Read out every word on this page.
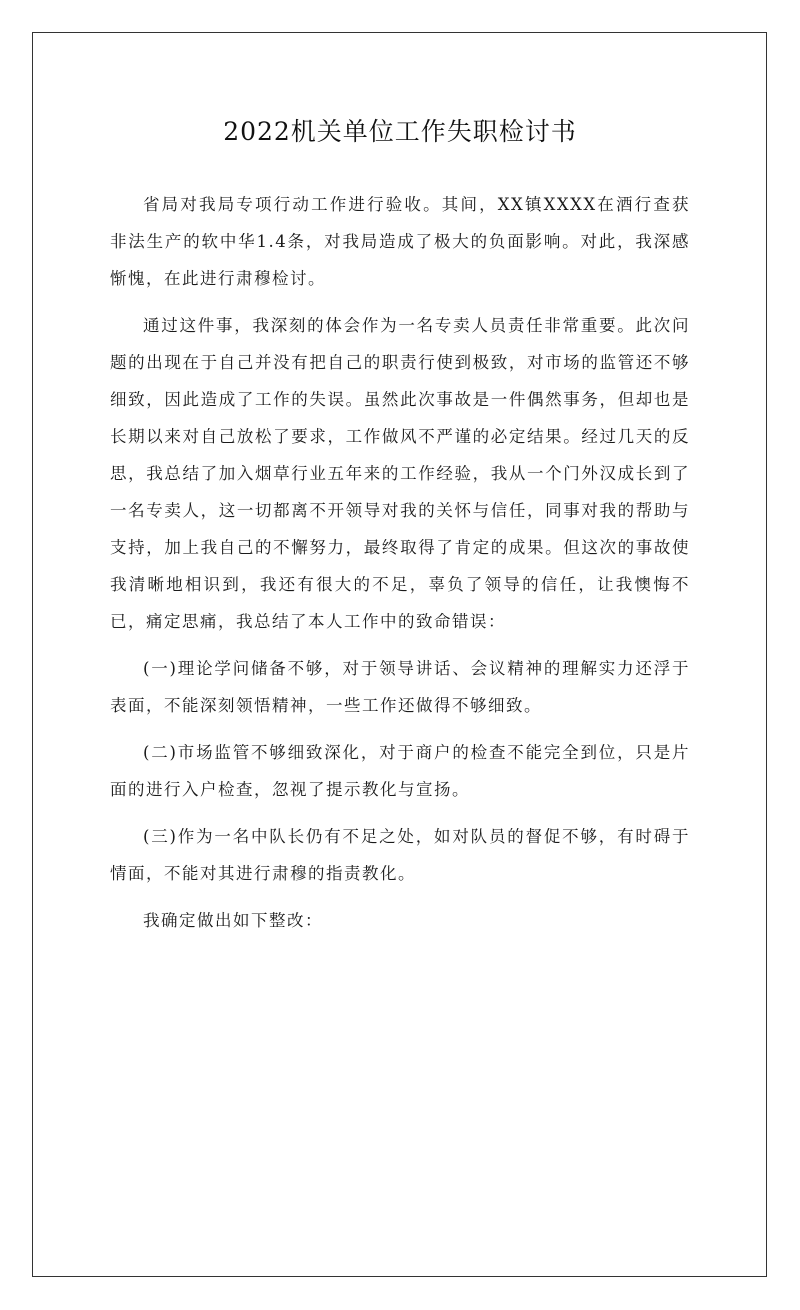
2022机关单位工作失职检讨书

省局对我局专项行动工作进行验收。其间，XX镇XXXX在酒行查获非法生产的软中华1.4条，对我局造成了极大的负面影响。对此，我深感惭愧，在此进行肃穆检讨。

通过这件事，我深刻的体会作为一名专卖人员责任非常重要。此次问题的出现在于自己并没有把自己的职责行使到极致，对市场的监管还不够细致，因此造成了工作的失误。虽然此次事故是一件偶然事务，但却也是长期以来对自己放松了要求，工作做风不严谨的必定结果。经过几天的反思，我总结了加入烟草行业五年来的工作经验，我从一个门外汉成长到了一名专卖人，这一切都离不开领导对我的关怀与信任，同事对我的帮助与支持，加上我自己的不懈努力，最终取得了肯定的成果。但这次的事故使我清晰地相识到，我还有很大的不足，辜负了领导的信任，让我懊悔不已，痛定思痛，我总结了本人工作中的致命错误：

(一)理论学问储备不够，对于领导讲话、会议精神的理解实力还浮于表面，不能深刻领悟精神，一些工作还做得不够细致。

(二)市场监管不够细致深化，对于商户的检查不能完全到位，只是片面的进行入户检查，忽视了提示教化与宣扬。

(三)作为一名中队长仍有不足之处，如对队员的督促不够，有时碍于情面，不能对其进行肃穆的指责教化。

我确定做出如下整改：
